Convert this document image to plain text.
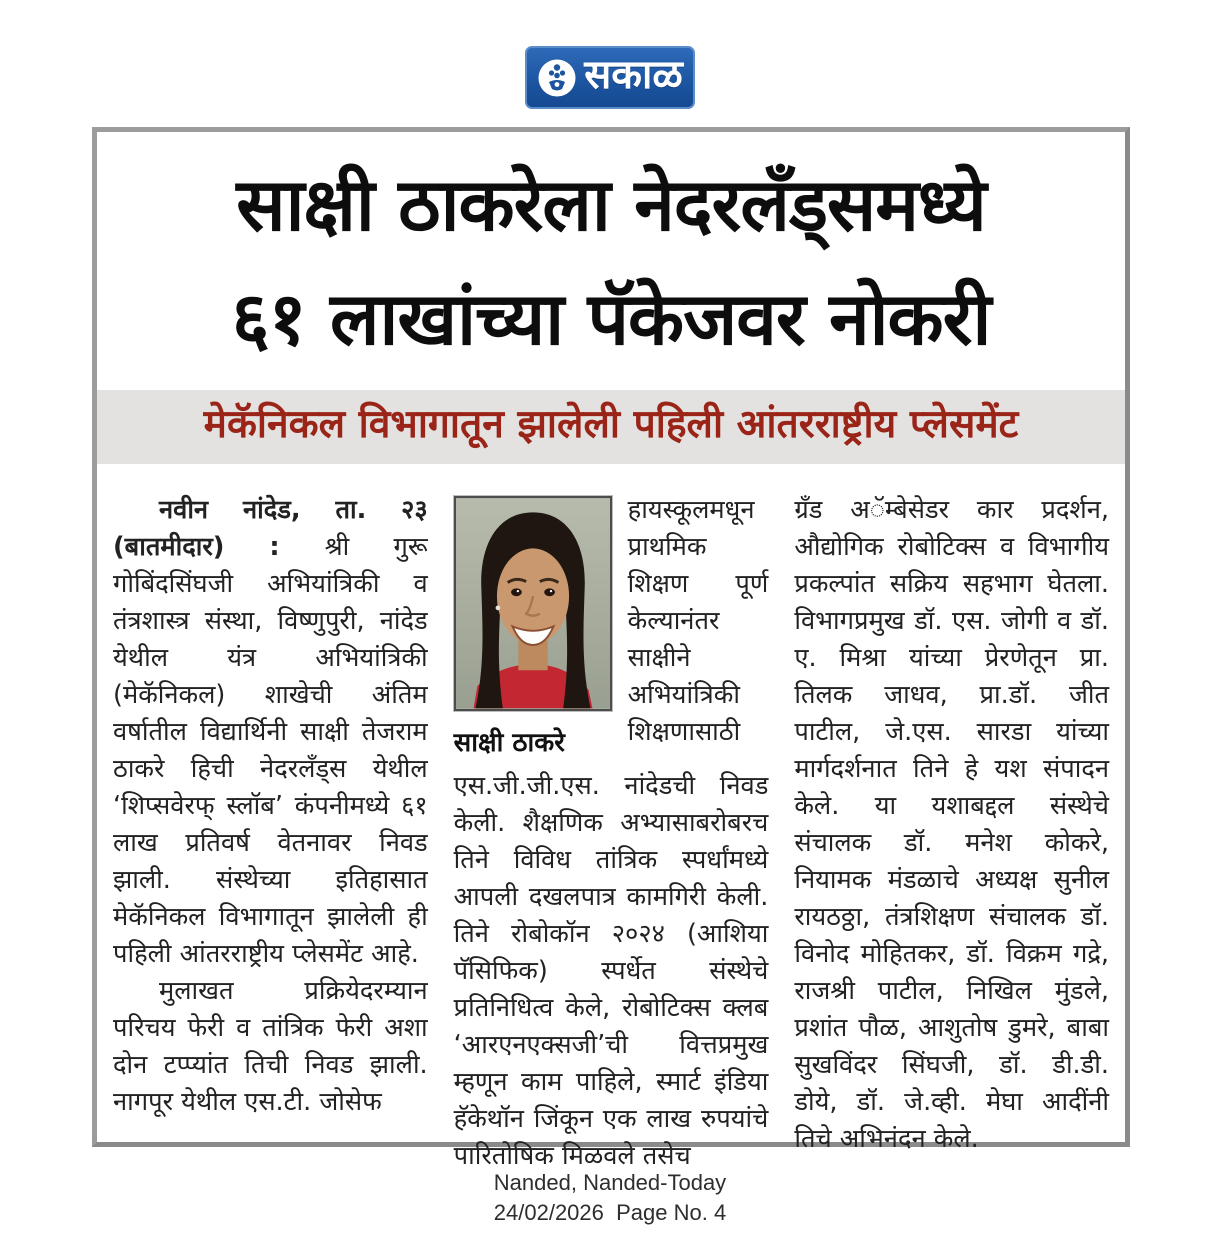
सकाळ
साक्षी ठाकरेला नेदरलँड्समध्ये
६१ लाखांच्या पॅकेजवर नोकरी
मेकॅनिकल विभागातून झालेली पहिली आंतरराष्ट्रीय प्लेसमेंट

नवीन नांदेड, ता. २३ (बातमीदार) : श्री गुरू गोबिंदसिंघजी अभियांत्रिकी व तंत्रशास्त्र संस्था, विष्णुपुरी, नांदेड येथील यंत्र अभियांत्रिकी (मेकॅनिकल) शाखेची अंतिम वर्षातील विद्यार्थिनी साक्षी तेजराम ठाकरे हिची नेदरलँड्स येथील ‘शिप्सवेरफ् स्लॉब’ कंपनीमध्ये ६१ लाख प्रतिवर्ष वेतनावर निवड झाली. संस्थेच्या इतिहासात मेकॅनिकल विभागातून झालेली ही पहिली आंतरराष्ट्रीय प्लेसमेंट आहे.

मुलाखत प्रक्रियेदरम्यान परिचय फेरी व तांत्रिक फेरी अशा दोन टप्प्यांत तिची निवड झाली. नागपूर येथील एस.टी. जोसेफ

साक्षी ठाकरे

हायस्कूलमधून प्राथमिक शिक्षण पूर्ण केल्यानंतर साक्षीने अभियांत्रिकी शिक्षणासाठी एस.जी.जी.एस. नांदेडची निवड केली. शैक्षणिक अभ्यासाबरोबरच तिने विविध तांत्रिक स्पर्धांमध्ये आपली दखलपात्र कामगिरी केली. तिने रोबोकॉन २०२४ (आशिया पॅसिफिक) स्पर्धेत संस्थेचे प्रतिनिधित्व केले, रोबोटिक्स क्लब ‘आरएनएक्सजी’ची वित्तप्रमुख म्हणून काम पाहिले, स्मार्ट इंडिया हॅकेथॉन जिंकून एक लाख रुपयांचे पारितोषिक मिळवले तसेच

ग्रँड अॅम्बेसेडर कार प्रदर्शन, औद्योगिक रोबोटिक्स व विभागीय प्रकल्पांत सक्रिय सहभाग घेतला. विभागप्रमुख डॉ. एस. जोगी व डॉ. ए. मिश्रा यांच्या प्रेरणेतून प्रा. तिलक जाधव, प्रा.डॉ. जीत पाटील, जे.एस. सारडा यांच्या मार्गदर्शनात तिने हे यश संपादन केले. या यशाबद्दल संस्थेचे संचालक डॉ. मनेश कोकरे, नियामक मंडळाचे अध्यक्ष सुनील रायठठ्ठा, तंत्रशिक्षण संचालक डॉ. विनोद मोहितकर, डॉ. विक्रम गद्रे, राजश्री पाटील, निखिल मुंडले, प्रशांत पौळ, आशुतोष डुमरे, बाबा सुखविंदर सिंघजी, डॉ. डी.डी. डोये, डॉ. जे.व्ही. मेघा आदींनी तिचे अभिनंदन केले.

Nanded, Nanded-Today
24/02/2026  Page No. 4
